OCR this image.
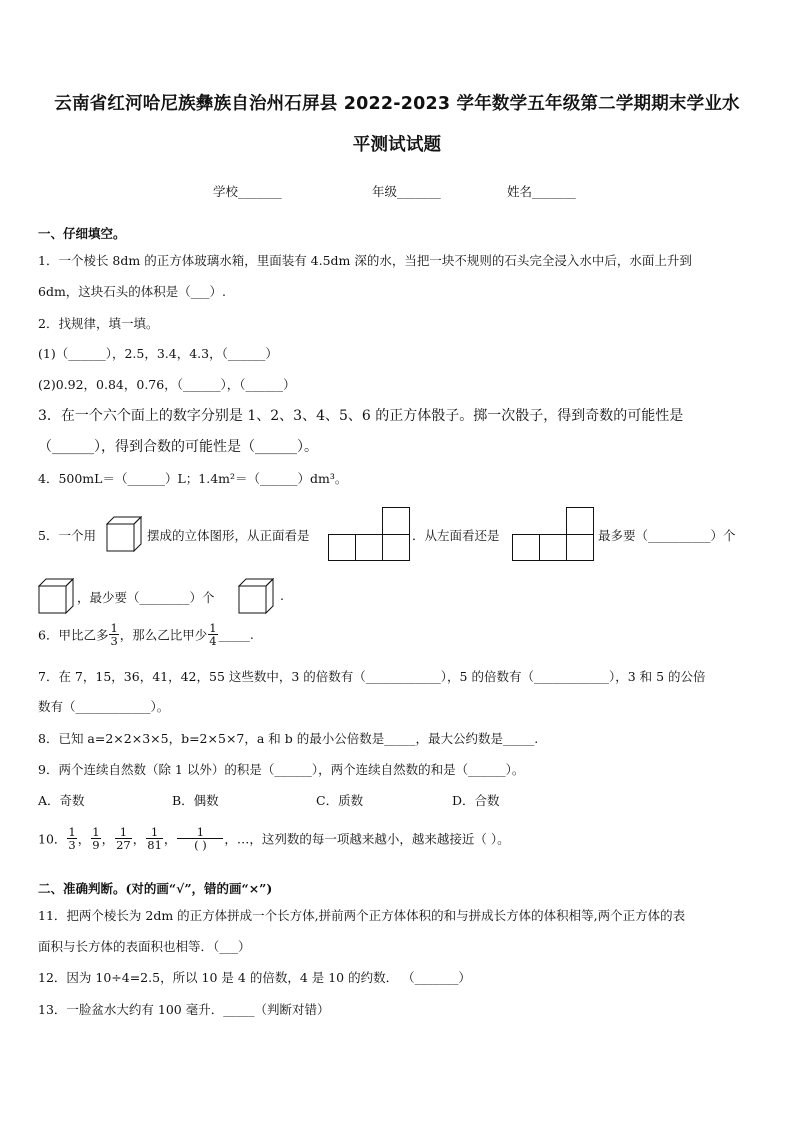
云南省红河哈尼族彝族自治州石屏县 2022-2023 学年数学五年级第二学期期末学业水
平测试试题
学校_______	年级_______	姓名_______
一、仔细填空。
1．一个棱长 8dm 的正方体玻璃水箱，里面装有 4.5dm 深的水，当把一块不规则的石头完全浸入水中后，水面上升到
6dm，这块石头的体积是（___）.
2．找规律，填一填。
(1)（______），2.5，3.4，4.3，（______）
(2)0.92，0.84，0.76，（______），（______）
3．在一个六个面上的数字分别是 1、2、3、4、5、6 的正方体骰子。掷一次骰子，得到奇数的可能性是
（______），得到合数的可能性是（______）。
4．500mL＝（______）L；1.4m²＝（______）dm³。
5．一个用	摆成的立体图形，从正面看是	．从左面看还是	最多要（__________）个
，最少要（________）个	.
6．甲比乙多 $\frac{1}{3}$ ，那么乙比甲少 $\frac{1}{4}$ _____.
7．在 7，15，36，41，42，55 这些数中，3 的倍数有（____________），5 的倍数有（____________），3 和 5 的公倍
数有（____________）。
8．已知 a=2×2×3×5，b=2×5×7，a 和 b 的最小公倍数是_____，最大公约数是_____.
9．两个连续自然数（除 1 以外）的积是（______），两个连续自然数的和是（______）。
A．奇数	B．偶数	C．质数	D．合数
10． $\frac{1}{3}$ ， $\frac{1}{9}$ ， $\frac{1}{27}$ ， $\frac{1}{81}$ ， $\frac{1}{( )}$ ，…，这列数的每一项越来越小，越来越接近（ ）。
二、准确判断。(对的画“√”，错的画“×”)
11．把两个棱长为 2dm 的正方体拼成一个长方体,拼前两个正方体体积的和与拼成长方体的体积相等,两个正方体的表
面积与长方体的表面积也相等．（___）
12．因为 10÷4=2.5，所以 10 是 4 的倍数，4 是 10 的约数． （_______）
13．一脸盆水大约有 100 毫升．_____（判断对错）
